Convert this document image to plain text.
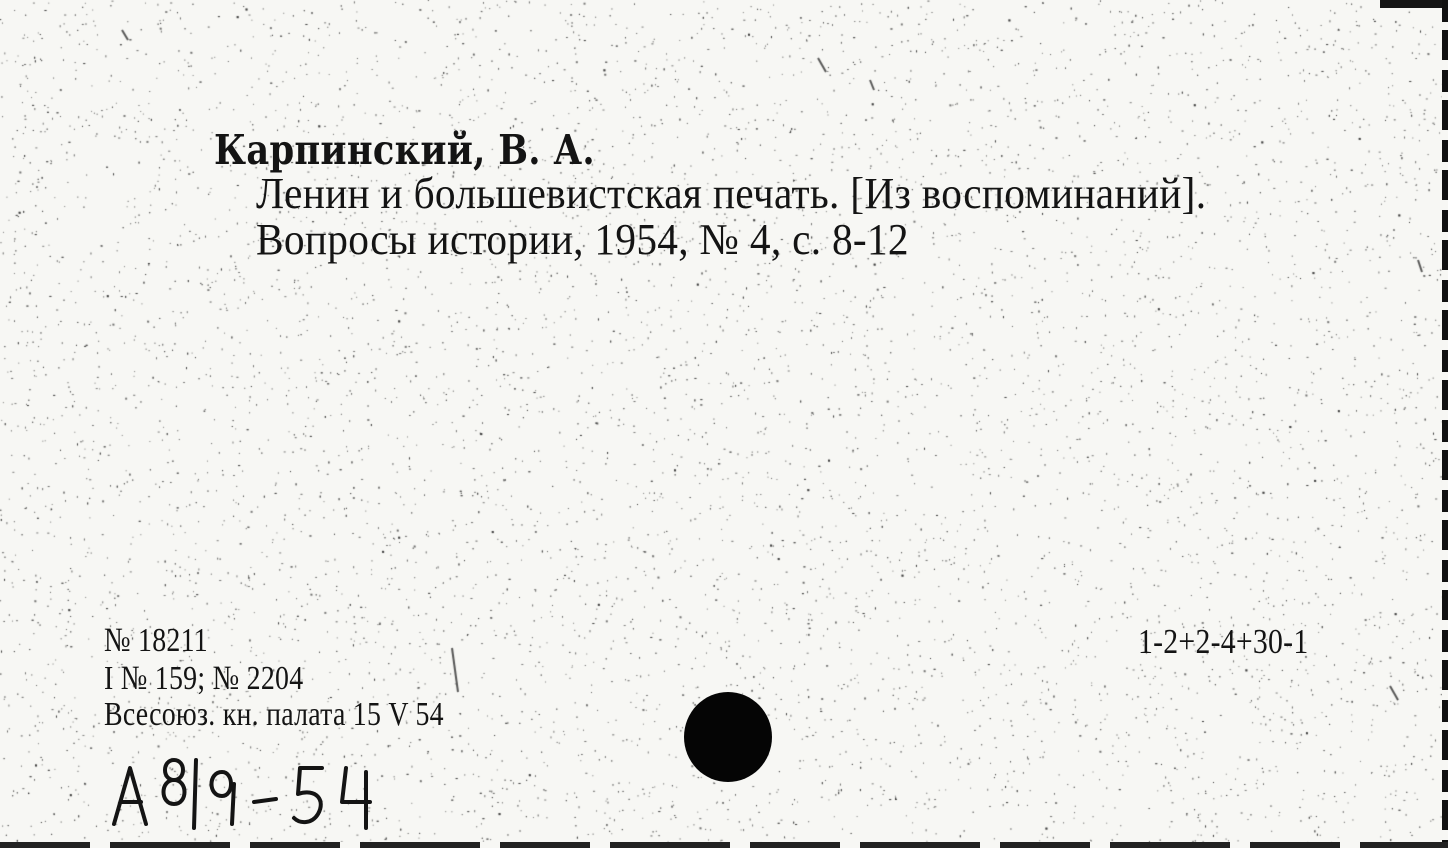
Карпинский, В. А.
Ленин и большевистская печать. [Из воспоминаний].
Вопросы истории, 1954, № 4, с. 8-12
№ 18211
I № 159; № 2204
Всесоюз. кн. палата 15 V 54
1-2+2-4+30-1
